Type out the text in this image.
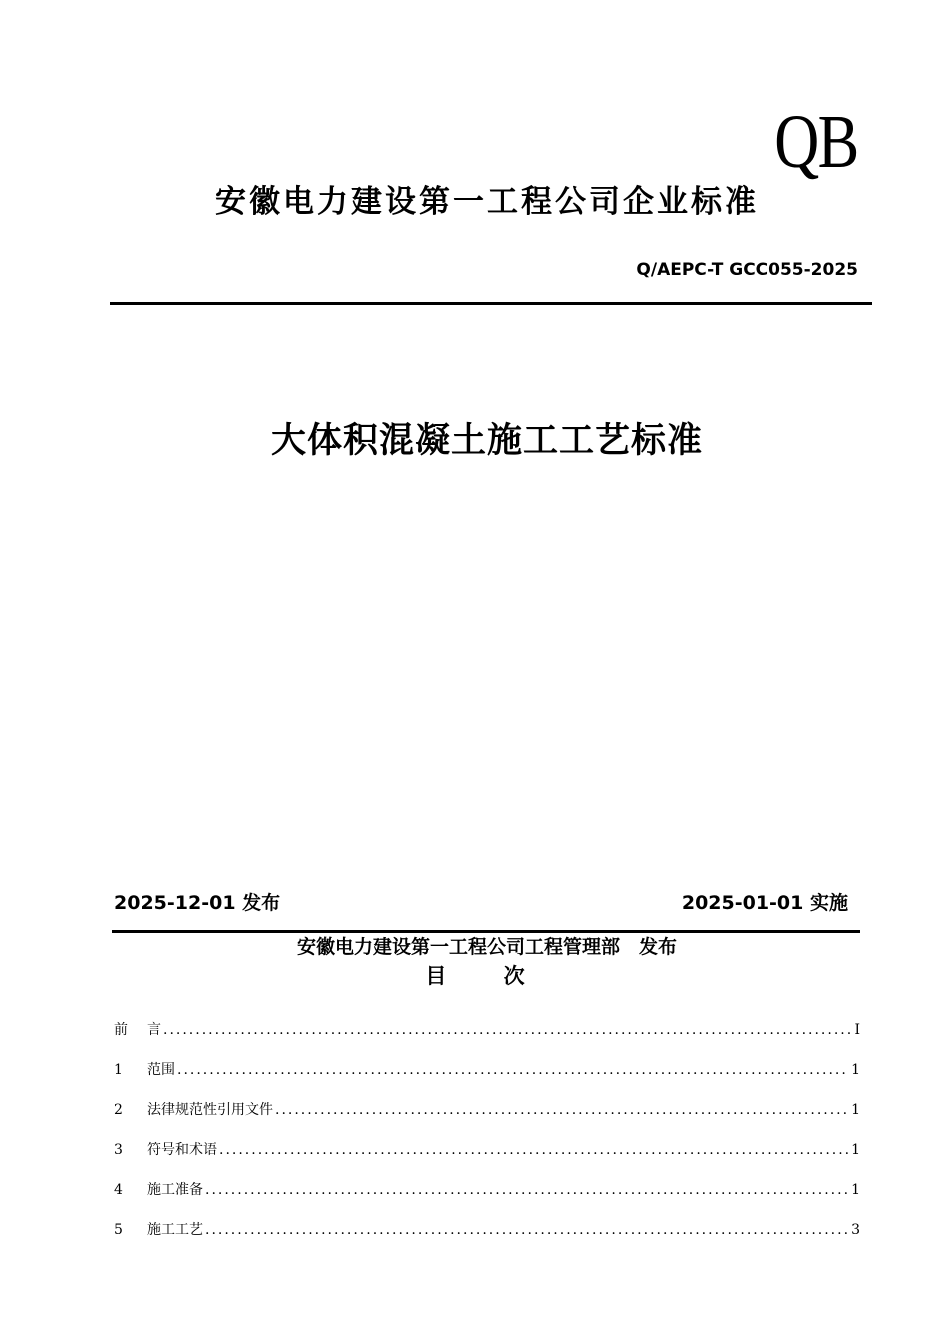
QB
安徽电力建设第一工程公司企业标准
Q/AEPC-T GCC055-2025
大体积混凝土施工工艺标准
2025-12-01 发布	2025-01-01 实施
安徽电力建设第一工程公司工程管理部　发布
目 次
前	言 .....	I
1	范围 .....	1
2	法律规范性引用文件 .....	1
3	符号和术语 .....	1
4	施工准备 .....	1
5	施工工艺 .....	3
